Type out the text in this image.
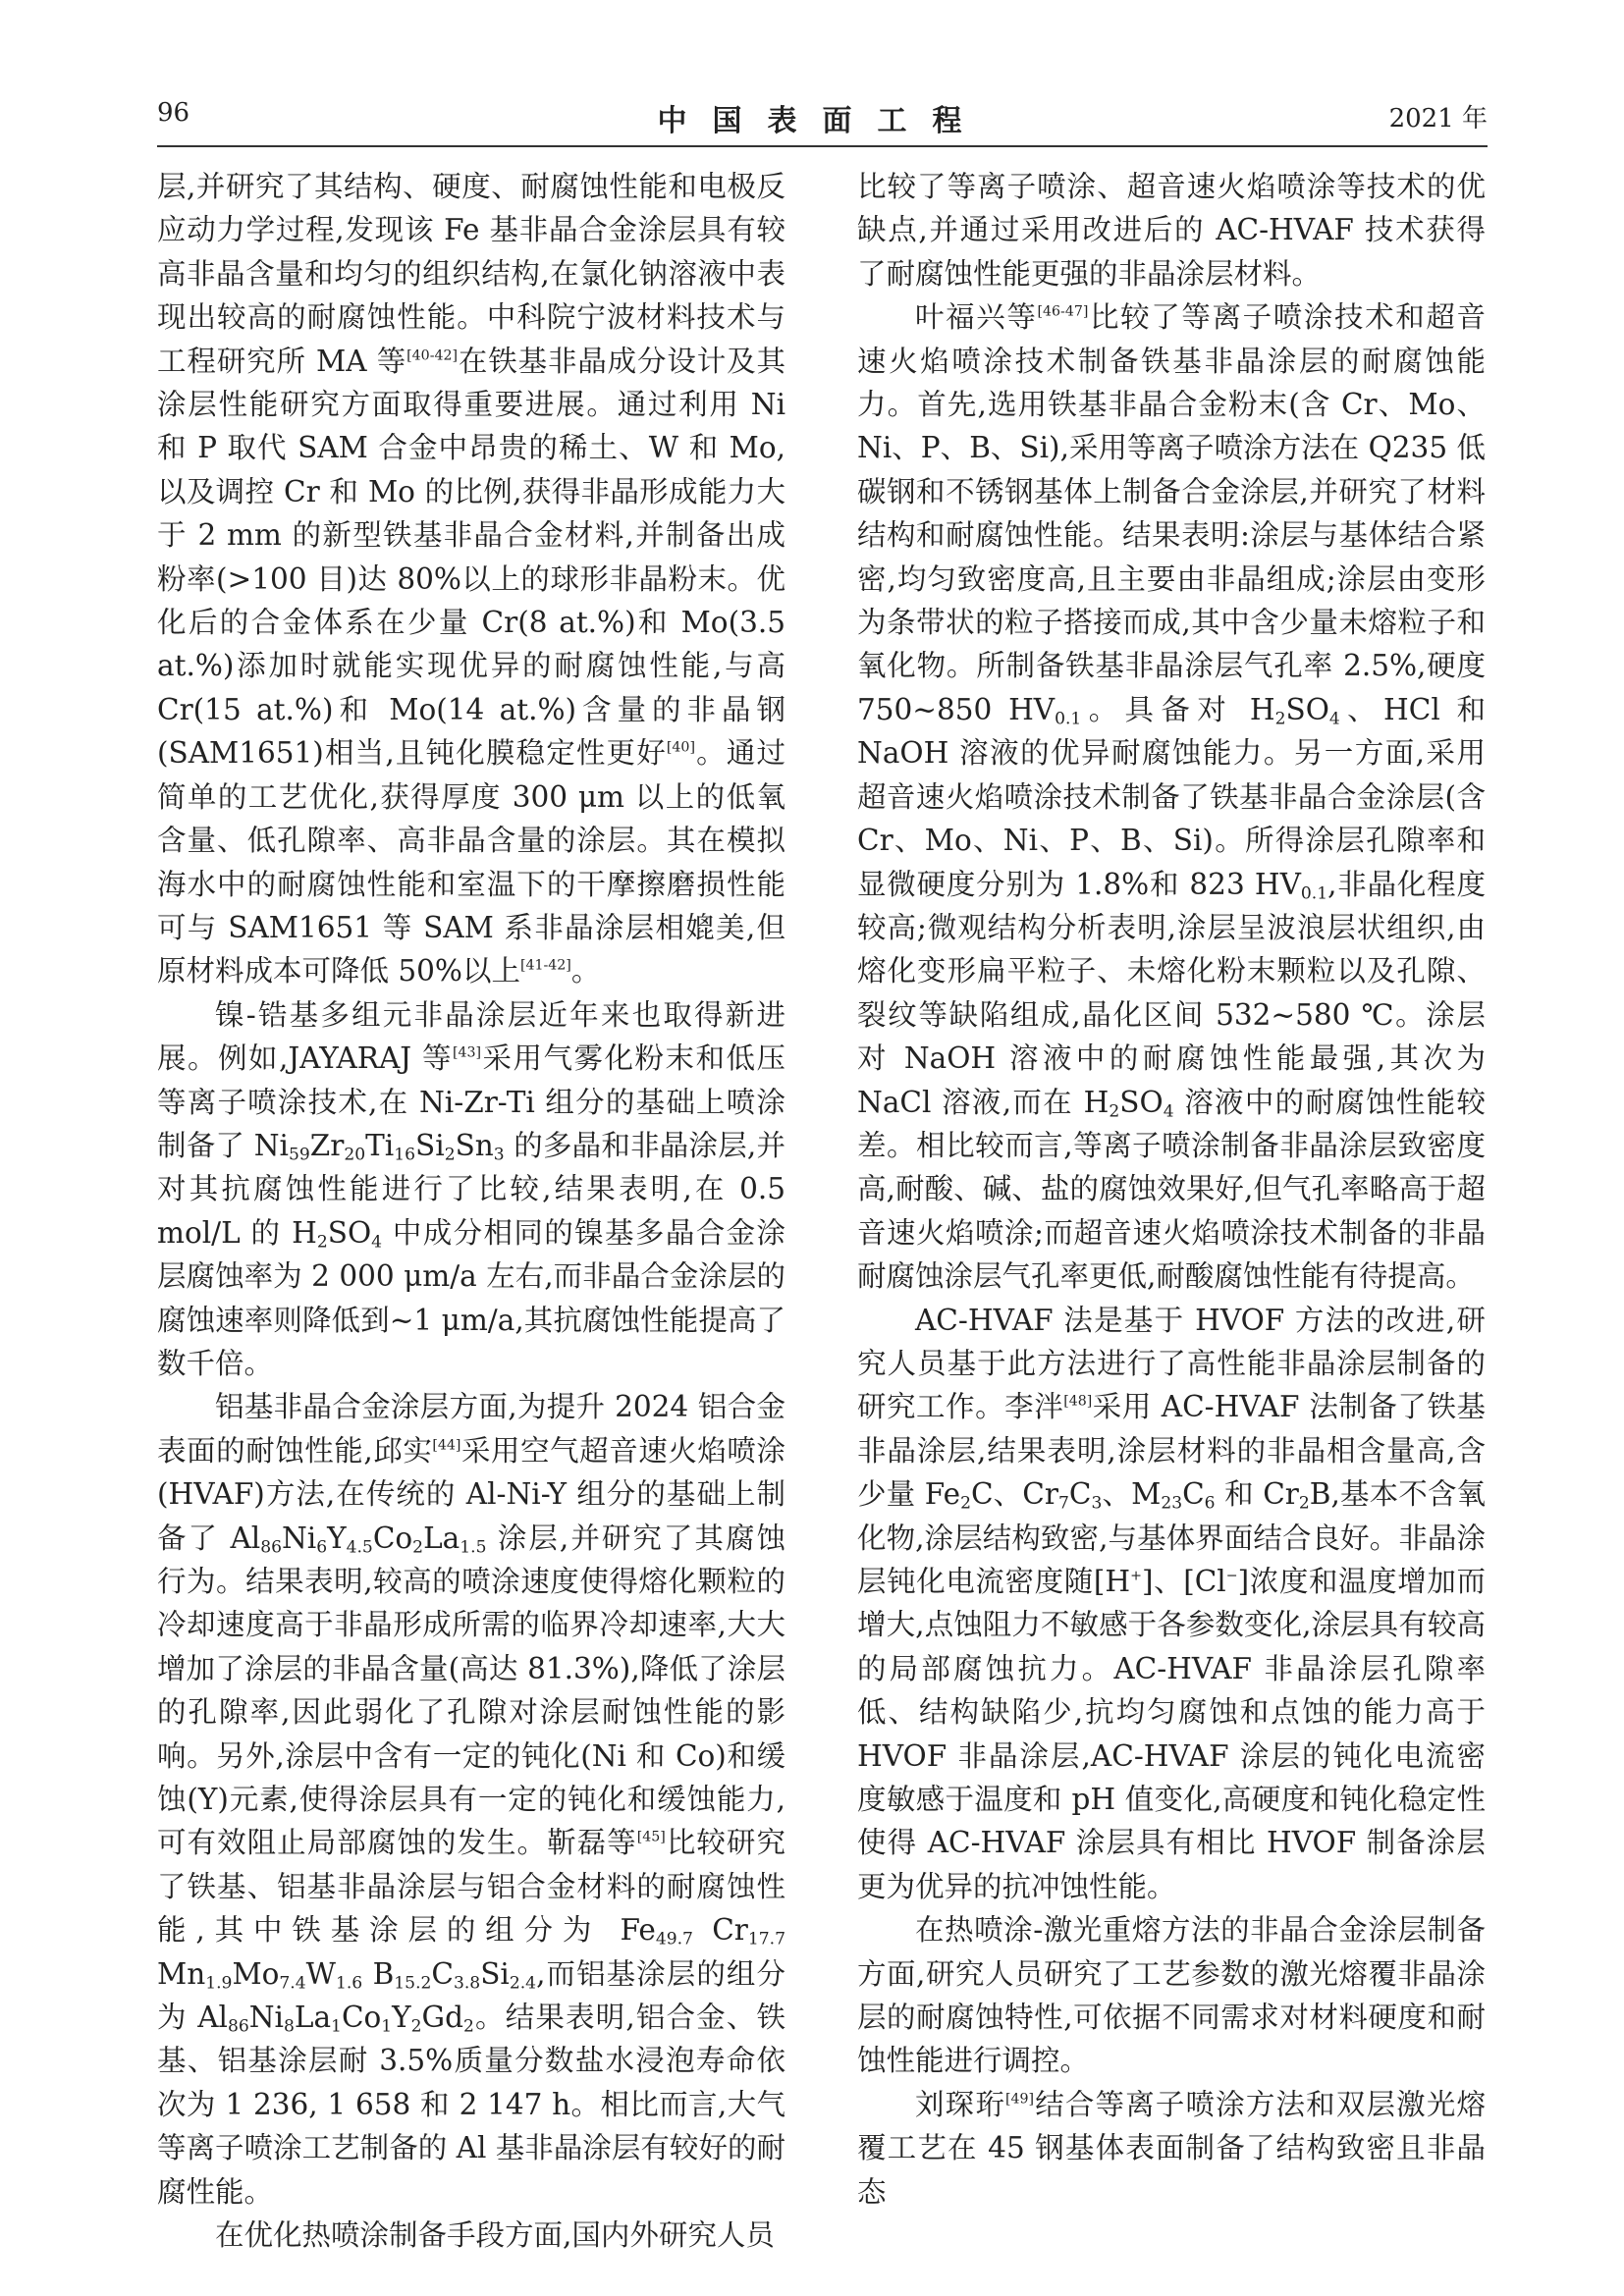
96	中国表面工程	2021 年

层,并研究了其结构、硬度、耐腐蚀性能和电极反应动力学过程,发现该 Fe 基非晶合金涂层具有较高非晶含量和均匀的组织结构,在氯化钠溶液中表现出较高的耐腐蚀性能。中科院宁波材料技术与工程研究所 MA 等[40-42]在铁基非晶成分设计及其涂层性能研究方面取得重要进展。通过利用 Ni 和 P 取代 SAM 合金中昂贵的稀土、W 和 Mo,以及调控 Cr 和 Mo 的比例,获得非晶形成能力大于 2 mm 的新型铁基非晶合金材料,并制备出成粉率(>100 目)达 80%以上的球形非晶粉末。优化后的合金体系在少量 Cr(8 at.%)和 Mo(3.5 at.%)添加时就能实现优异的耐腐蚀性能,与高 Cr(15 at.%)和 Mo(14 at.%)含量的非晶钢(SAM1651)相当,且钝化膜稳定性更好[40]。通过简单的工艺优化,获得厚度 300 μm 以上的低氧含量、低孔隙率、高非晶含量的涂层。其在模拟海水中的耐腐蚀性能和室温下的干摩擦磨损性能可与 SAM1651 等 SAM 系非晶涂层相媲美,但原材料成本可降低 50%以上[41-42]。

镍-锆基多组元非晶涂层近年来也取得新进展。例如,JAYARAJ 等[43]采用气雾化粉末和低压等离子喷涂技术,在 Ni-Zr-Ti 组分的基础上喷涂制备了 $Ni_{59}Zr_{20}Ti_{16}Si_2Sn_3$ 的多晶和非晶涂层,并对其抗腐蚀性能进行了比较,结果表明,在 0.5 mol/L 的 $H_2SO_4$ 中成分相同的镍基多晶合金涂层腐蚀率为 2 000 μm/a 左右,而非晶合金涂层的腐蚀速率则降低到~1 μm/a,其抗腐蚀性能提高了数千倍。

铝基非晶合金涂层方面,为提升 2024 铝合金表面的耐蚀性能,邱实[44]采用空气超音速火焰喷涂(HVAF)方法,在传统的 Al-Ni-Y 组分的基础上制备了 $Al_{86}Ni_6Y_{4.5}Co_2La_{1.5}$ 涂层,并研究了其腐蚀行为。结果表明,较高的喷涂速度使得熔化颗粒的冷却速度高于非晶形成所需的临界冷却速率,大大增加了涂层的非晶含量(高达 81.3%),降低了涂层的孔隙率,因此弱化了孔隙对涂层耐蚀性能的影响。另外,涂层中含有一定的钝化(Ni 和 Co)和缓蚀(Y)元素,使得涂层具有一定的钝化和缓蚀能力,可有效阻止局部腐蚀的发生。靳磊等[45]比较研究了铁基、铝基非晶涂层与铝合金材料的耐腐蚀性能,其中铁基涂层的组分为 $Fe_{49.7}$ $Cr_{17.7}$ $Mn_{1.9}Mo_{7.4}W_{1.6}$ $B_{15.2}C_{3.8}Si_{2.4}$,而铝基涂层的组分为 $Al_{86}Ni_8La_1Co_1Y_2Gd_2$。结果表明,铝合金、铁基、铝基涂层耐 3.5%质量分数盐水浸泡寿命依次为 1 236, 1 658 和 2 147 h。相比而言,大气等离子喷涂工艺制备的 Al 基非晶涂层有较好的耐腐性能。

在优化热喷涂制备手段方面,国内外研究人员

比较了等离子喷涂、超音速火焰喷涂等技术的优缺点,并通过采用改进后的 AC-HVAF 技术获得了耐腐蚀性能更强的非晶涂层材料。

叶福兴等[46-47]比较了等离子喷涂技术和超音速火焰喷涂技术制备铁基非晶涂层的耐腐蚀能力。首先,选用铁基非晶合金粉末(含 Cr、Mo、Ni、P、B、Si),采用等离子喷涂方法在 Q235 低碳钢和不锈钢基体上制备合金涂层,并研究了材料结构和耐腐蚀性能。结果表明:涂层与基体结合紧密,均匀致密度高,且主要由非晶组成;涂层由变形为条带状的粒子搭接而成,其中含少量未熔粒子和氧化物。所制备铁基非晶涂层气孔率 2.5%,硬度 750~850 $HV_{0.1}$。具备对 $H_2SO_4$、HCl 和 NaOH 溶液的优异耐腐蚀能力。另一方面,采用超音速火焰喷涂技术制备了铁基非晶合金涂层(含 Cr、Mo、Ni、P、B、Si)。所得涂层孔隙率和显微硬度分别为 1.8%和 823 $HV_{0.1}$,非晶化程度较高;微观结构分析表明,涂层呈波浪层状组织,由熔化变形扁平粒子、未熔化粉末颗粒以及孔隙、裂纹等缺陷组成,晶化区间 532~580 ℃。涂层对 NaOH 溶液中的耐腐蚀性能最强,其次为 NaCl 溶液,而在 $H_2SO_4$ 溶液中的耐腐蚀性能较差。相比较而言,等离子喷涂制备非晶涂层致密度高,耐酸、碱、盐的腐蚀效果好,但气孔率略高于超音速火焰喷涂;而超音速火焰喷涂技术制备的非晶耐腐蚀涂层气孔率更低,耐酸腐蚀性能有待提高。

AC-HVAF 法是基于 HVOF 方法的改进,研究人员基于此方法进行了高性能非晶涂层制备的研究工作。李泮[48]采用 AC-HVAF 法制备了铁基非晶涂层,结果表明,涂层材料的非晶相含量高,含少量 $Fe_2C$、$Cr_7C_3$、$M_{23}C_6$ 和 $Cr_2B$,基本不含氧化物,涂层结构致密,与基体界面结合良好。非晶涂层钝化电流密度随[H+]、[Cl−]浓度和温度增加而增大,点蚀阻力不敏感于各参数变化,涂层具有较高的局部腐蚀抗力。AC-HVAF 非晶涂层孔隙率低、结构缺陷少,抗均匀腐蚀和点蚀的能力高于 HVOF 非晶涂层,AC-HVAF 涂层的钝化电流密度敏感于温度和 pH 值变化,高硬度和钝化稳定性使得 AC-HVAF 涂层具有相比 HVOF 制备涂层更为优异的抗冲蚀性能。

在热喷涂-激光重熔方法的非晶合金涂层制备方面,研究人员研究了工艺参数的激光熔覆非晶涂层的耐腐蚀特性,可依据不同需求对材料硬度和耐蚀性能进行调控。

刘琛珩[49]结合等离子喷涂方法和双层激光熔覆工艺在 45 钢基体表面制备了结构致密且非晶态
